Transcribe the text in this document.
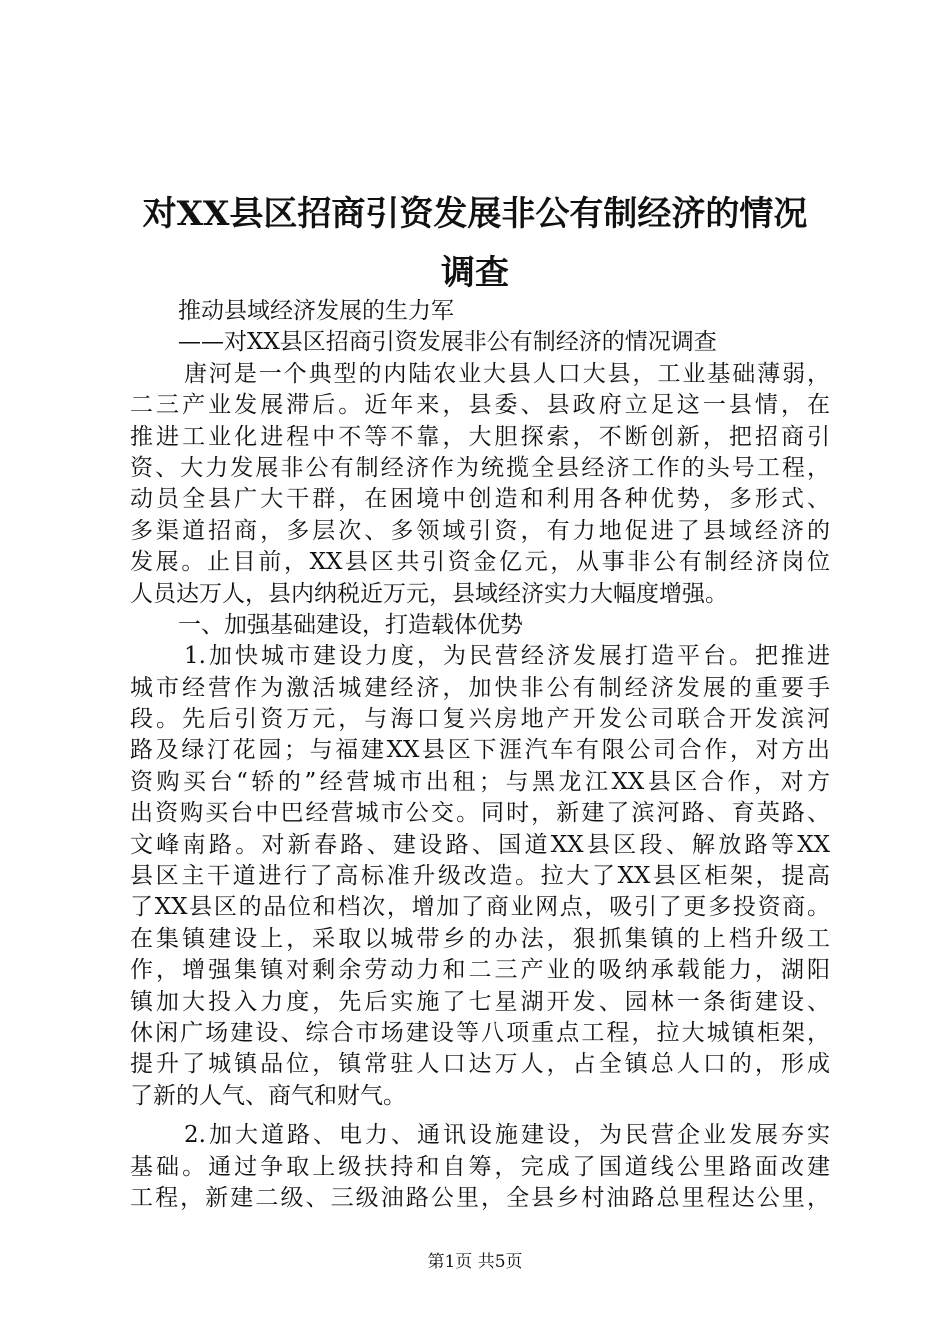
对XX县区招商引资发展非公有制经济的情况
调查
推动县域经济发展的生力军
——对XX县区招商引资发展非公有制经济的情况调查
唐河是一个典型的内陆农业大县人口大县，工业基础薄弱，
二三产业发展滞后。近年来，县委、县政府立足这一县情，在
推进工业化进程中不等不靠，大胆探索，不断创新，把招商引
资、大力发展非公有制经济作为统揽全县经济工作的头号工程，
动员全县广大干群，在困境中创造和利用各种优势，多形式、
多渠道招商，多层次、多领域引资，有力地促进了县域经济的
发展。止目前，XX县区共引资金亿元，从事非公有制经济岗位
人员达万人，县内纳税近万元，县域经济实力大幅度增强。
一、加强基础建设，打造载体优势
1.加快城市建设力度，为民营经济发展打造平台。把推进
城市经营作为激活城建经济，加快非公有制经济发展的重要手
段。先后引资万元，与海口复兴房地产开发公司联合开发滨河
路及绿汀花园；与福建XX县区下涯汽车有限公司合作，对方出
资购买台“轿的”经营城市出租；与黑龙江XX县区合作，对方
出资购买台中巴经营城市公交。同时，新建了滨河路、育英路、
文峰南路。对新春路、建设路、国道XX县区段、解放路等XX
县区主干道进行了高标准升级改造。拉大了XX县区柜架，提高
了XX县区的品位和档次，增加了商业网点，吸引了更多投资商。
在集镇建设上，采取以城带乡的办法，狠抓集镇的上档升级工
作，增强集镇对剩余劳动力和二三产业的吸纳承载能力，湖阳
镇加大投入力度，先后实施了七星湖开发、园林一条街建设、
休闲广场建设、综合市场建设等八项重点工程，拉大城镇柜架，
提升了城镇品位，镇常驻人口达万人，占全镇总人口的，形成
了新的人气、商气和财气。
2.加大道路、电力、通讯设施建设，为民营企业发展夯实
基础。通过争取上级扶持和自筹，完成了国道线公里路面改建
工程，新建二级、三级油路公里，全县乡村油路总里程达公里，
第1页 共5页
